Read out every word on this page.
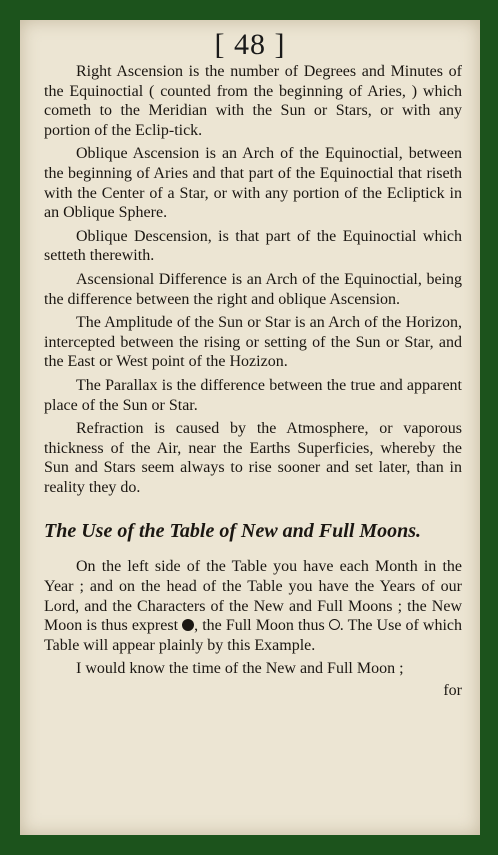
[ 48 ]

Right Ascension is the number of Degrees and Minutes of the Equinoctial ( counted from the beginning of Aries, ) which cometh to the Meridian with the Sun or Stars, or with any portion of the Eclip-tick.

Oblique Ascension is an Arch of the Equinoctial, between the beginning of Aries and that part of the Equinoctial that riseth with the Center of a Star, or with any portion of the Ecliptick in an Oblique Sphere.

Oblique Descension, is that part of the Equinoctial which setteth therewith.

Ascensional Difference is an Arch of the Equinoctial, being the difference between the right and oblique Ascension.

The Amplitude of the Sun or Star is an Arch of the Horizon, intercepted between the rising or setting of the Sun or Star, and the East or West point of the Hozizon.

The Parallax is the difference between the true and apparent place of the Sun or Star.

Refraction is caused by the Atmosphere, or vaporous thickness of the Air, near the Earths Superficies, whereby the Sun and Stars seem always to rise sooner and set later, than in reality they do.

The Use of the Table of New and Full Moons.

On the left side of the Table you have each Month in the Year ; and on the head of the Table you have the Years of our Lord, and the Characters of the New and Full Moons ; the New Moon is thus exprest , the Full Moon thus . The Use of which Table will appear plainly by this Example.

I would know the time of the New and Full Moon ;

for
